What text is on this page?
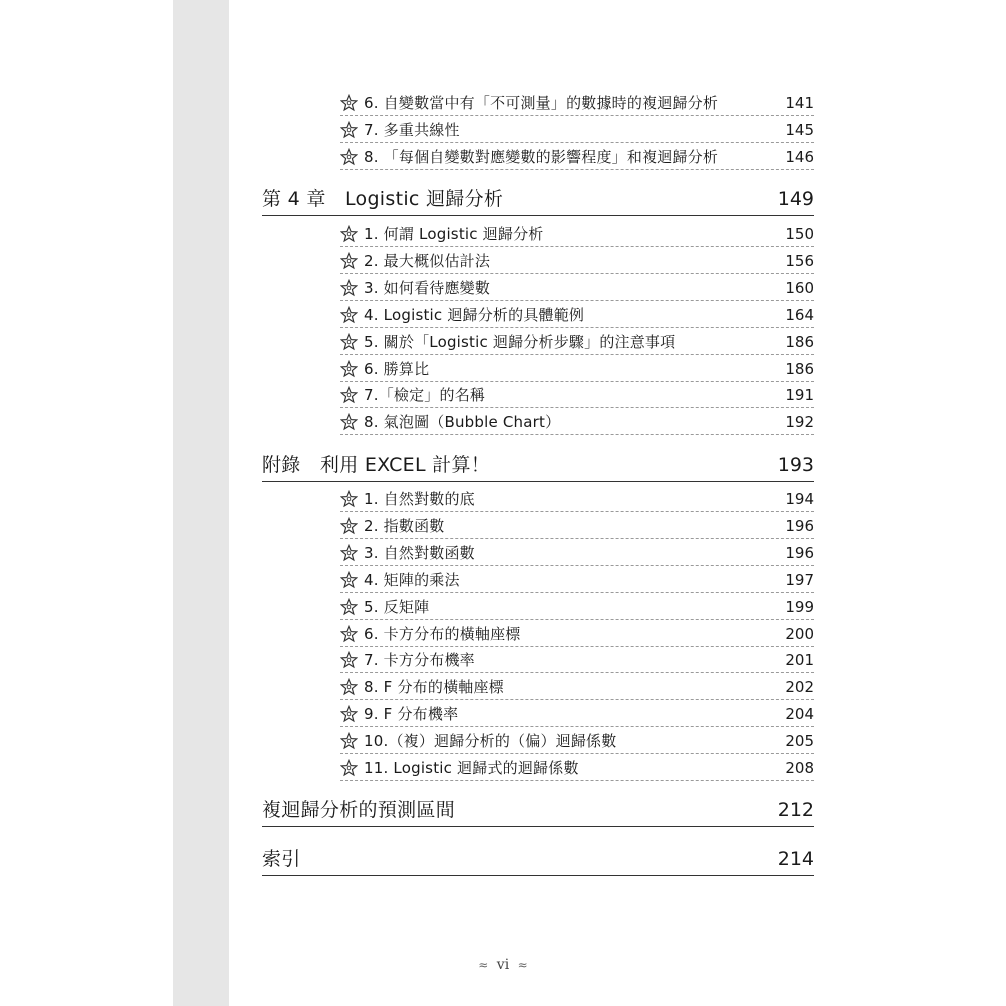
6. 自變數當中有「不可測量」的數據時的複迴歸分析	141
7. 多重共線性	145
8. 「每個自變數對應變數的影響程度」和複迴歸分析	146
第 4 章　Logistic 迴歸分析	149
1. 何謂 Logistic 迴歸分析	150
2. 最大概似估計法	156
3. 如何看待應變數	160
4. Logistic 迴歸分析的具體範例	164
5. 關於「Logistic 迴歸分析步驟」的注意事項	186
6. 勝算比	186
7.「檢定」的名稱	191
8. 氣泡圖（Bubble Chart）	192
附錄　利用 EXCEL 計算！	193
1. 自然對數的底	194
2. 指數函數	196
3. 自然對數函數	196
4. 矩陣的乘法	197
5. 反矩陣	199
6. 卡方分布的橫軸座標	200
7. 卡方分布機率	201
8. F 分布的橫軸座標	202
9. F 分布機率	204
10.（複）迴歸分析的（偏）迴歸係數	205
11. Logistic 迴歸式的迴歸係數	208
複迴歸分析的預測區間	212
索引	214
≈ vi ≈
